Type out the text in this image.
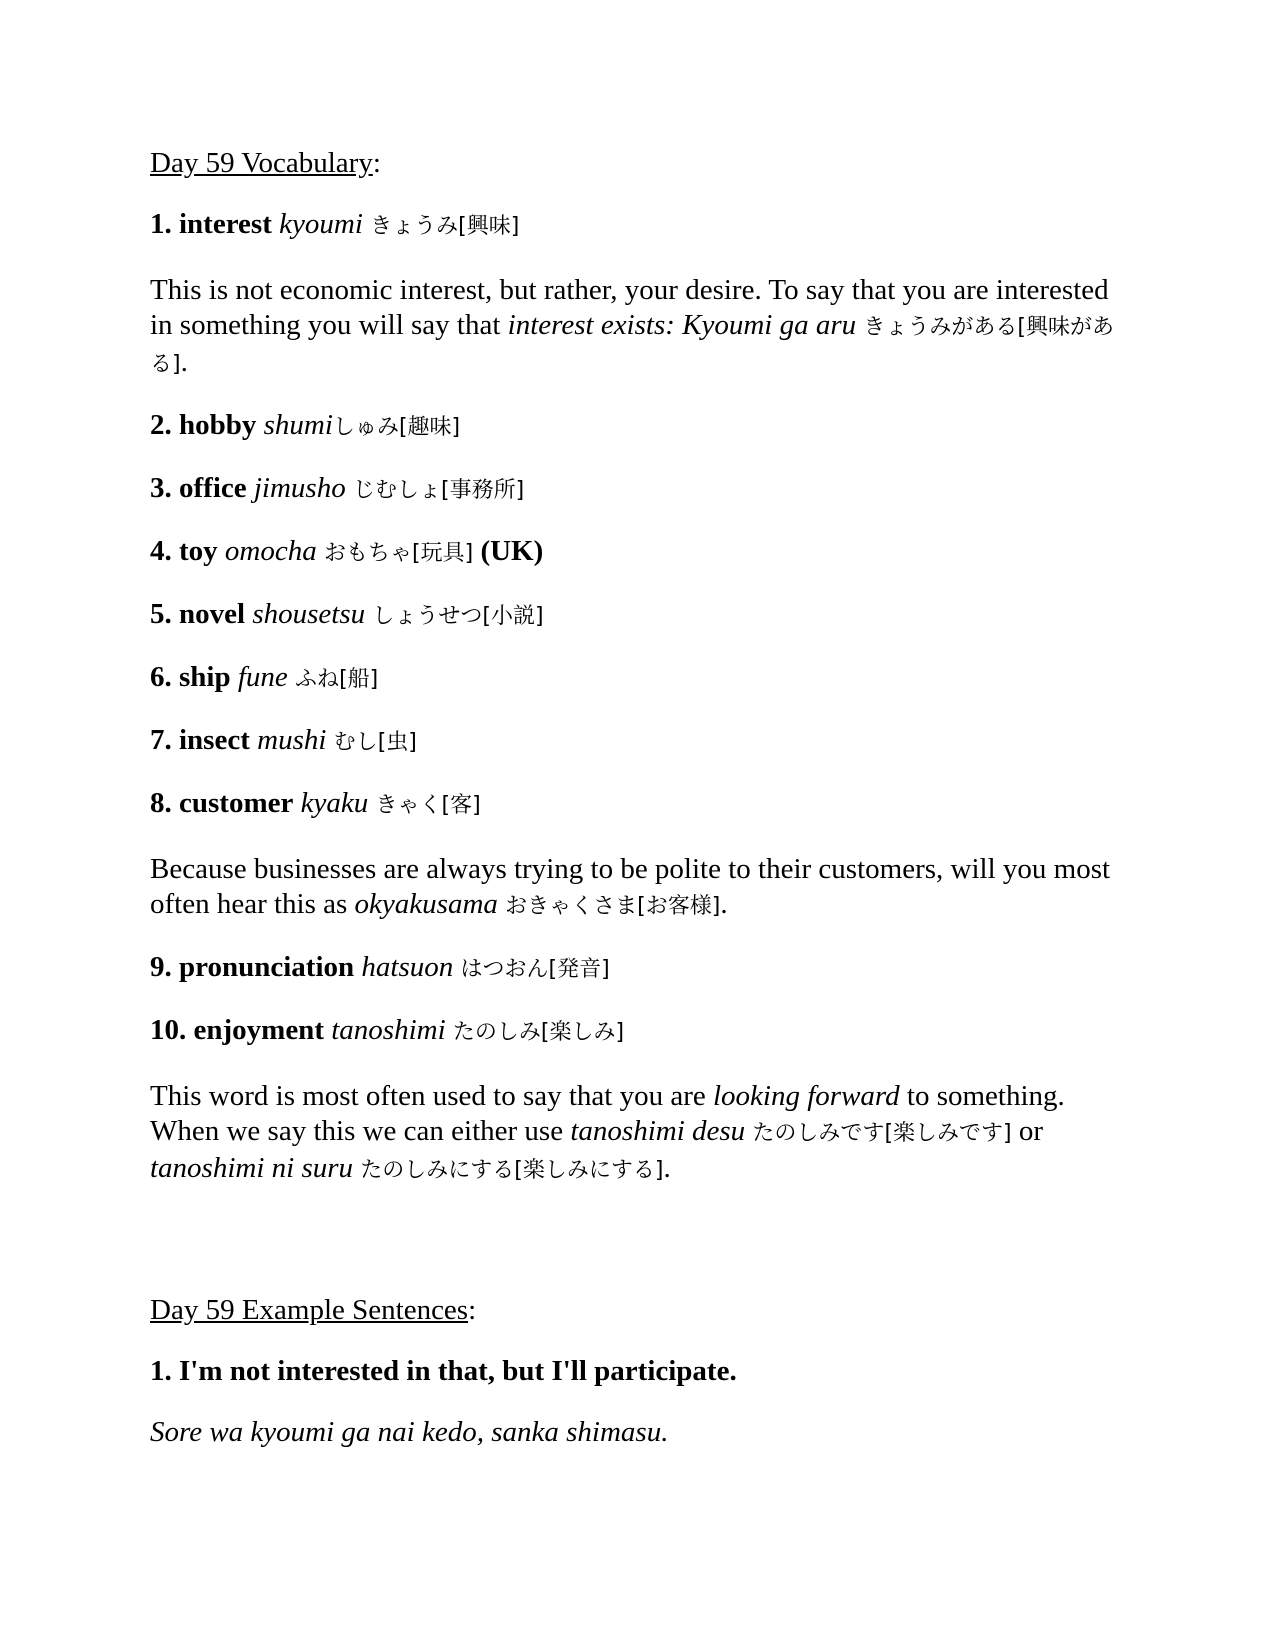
Day 59 Vocabulary:

1. interest kyoumi きょうみ[興味]

This is not economic interest, but rather, your desire. To say that you are interested in something you will say that interest exists: Kyoumi ga aru きょうみがある[興味がある].

2. hobby shumiしゅみ[趣味]

3. office jimusho じむしょ[事務所]

4. toy omocha おもちゃ[玩具] (UK)

5. novel shousetsu しょうせつ[小説]

6. ship fune ふね[船]

7. insect mushi むし[虫]

8. customer kyaku きゃく[客]

Because businesses are always trying to be polite to their customers, will you most often hear this as okyakusama おきゃくさま[お客様].

9. pronunciation hatsuon はつおん[発音]

10. enjoyment tanoshimi たのしみ[楽しみ]

This word is most often used to say that you are looking forward to something. When we say this we can either use tanoshimi desu たのしみです[楽しみです] or tanoshimi ni suru たのしみにする[楽しみにする].

Day 59 Example Sentences:

1. I'm not interested in that, but I'll participate.

Sore wa kyoumi ga nai kedo, sanka shimasu.
